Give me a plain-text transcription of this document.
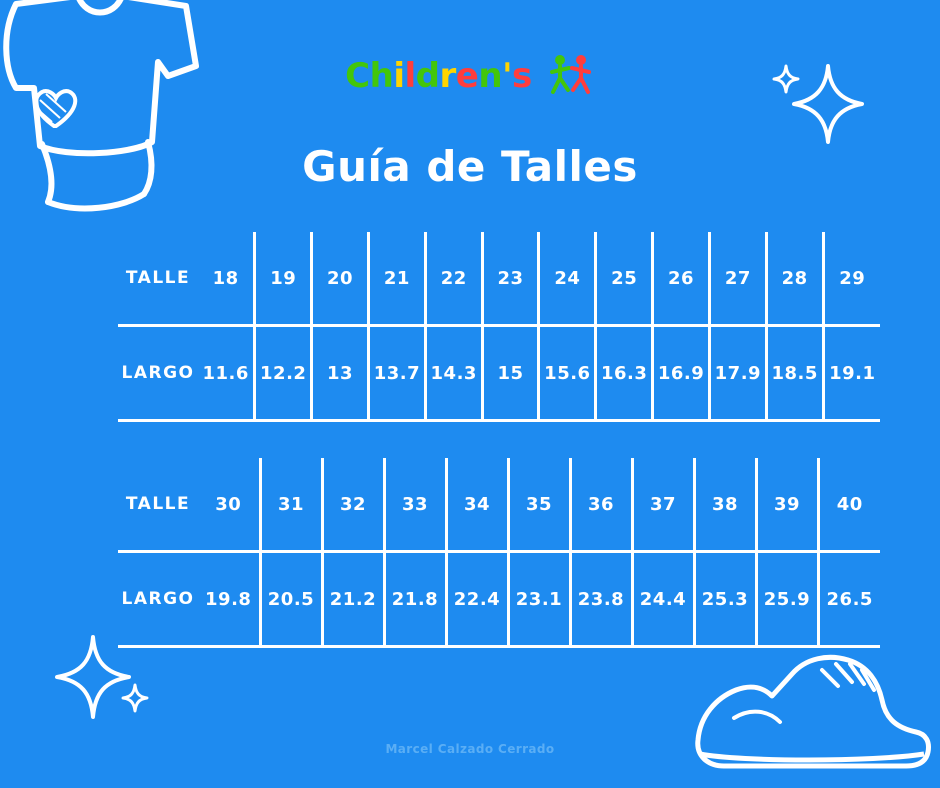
Children's
Guía de Talles
TALLE	18	19	20	21	22	23	24	25	26	27	28	29
LARGO	11.6	12.2	13	13.7	14.3	15	15.6	16.3	16.9	17.9	18.5	19.1
TALLE	30	31	32	33	34	35	36	37	38	39	40
LARGO	19.8	20.5	21.2	21.8	22.4	23.1	23.8	24.4	25.3	25.9	26.5
Marcel Calzado Cerrado
